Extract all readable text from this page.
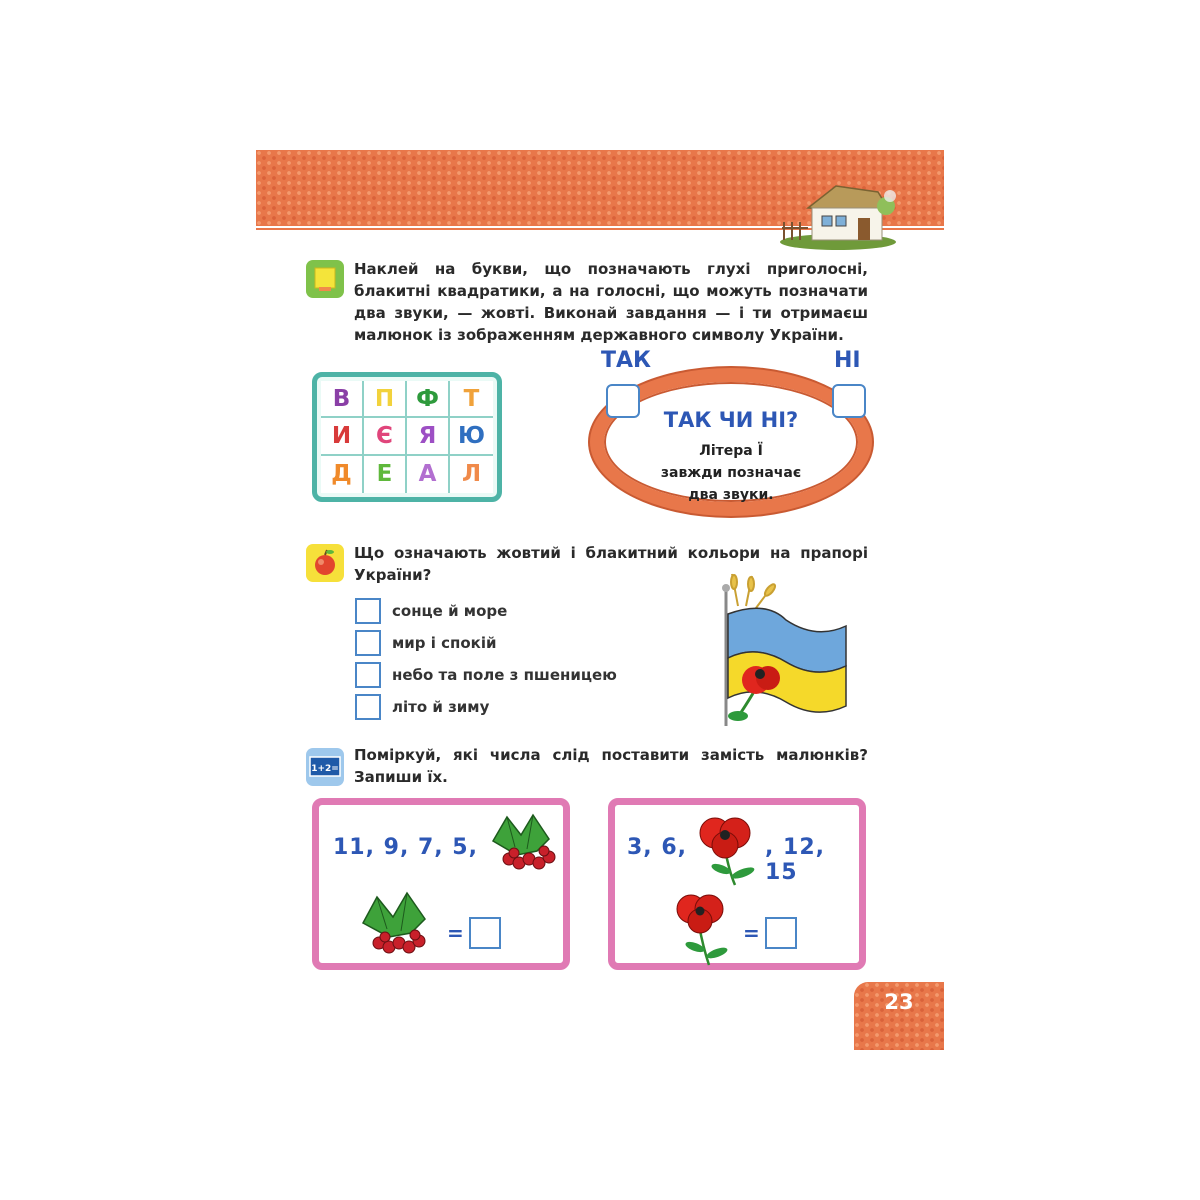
Наклей на букви, що позначають глухі приголосні, блакитні квадратики, а на голосні, що можуть позначати два звуки, — жовті. Виконай завдання — і ти отримаєш малюнок із зображенням державного символу України.
В П Ф Т
И Є Я Ю
Д Е А Л
ТАК ЧИ НІ?
Літера Ї
завжди позначає
два звуки.
ТАК	НІ
Що означають жовтий і блакитний кольори на прапорі України?
сонце й море
мир і спокій
небо та поле з пшеницею
літо й зиму
1+2=
Поміркуй, які числа слід поставити замість малюнків? Запиши їх.
11, 9, 7, 5,
=
3, 6,	, 12, 15
=
23
